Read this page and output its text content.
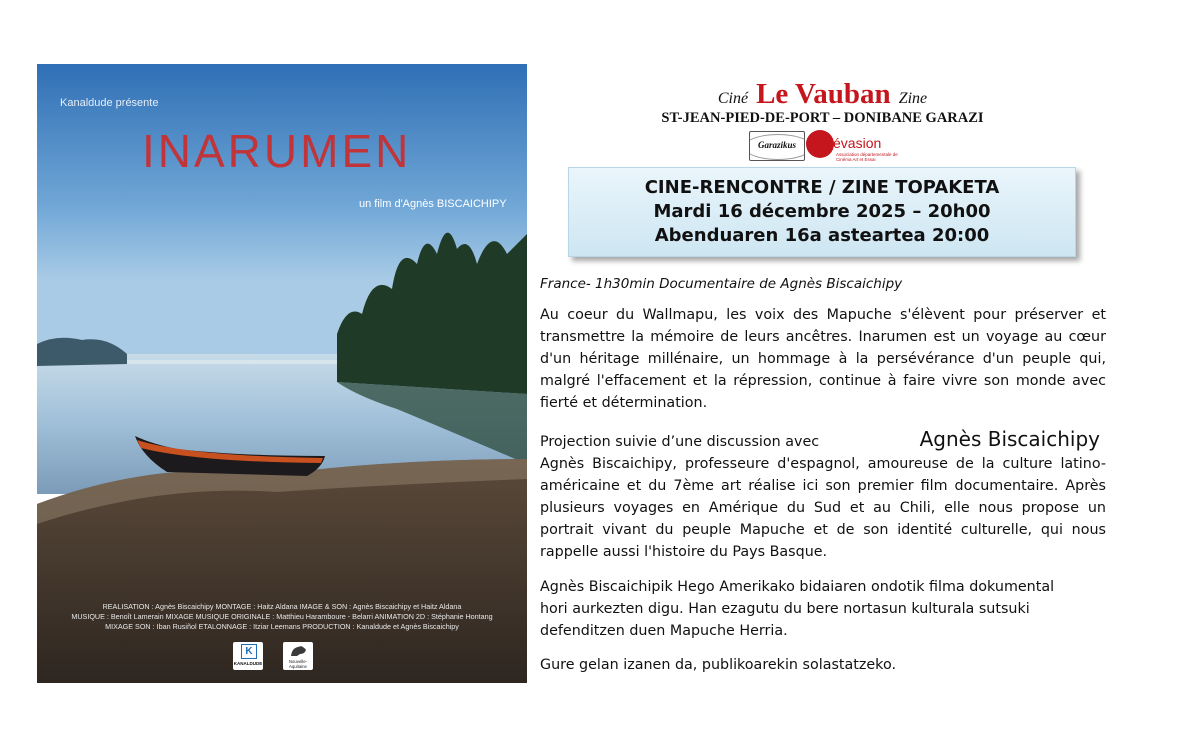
Kanaldude présente
INARUMEN
un film d'Agnès BISCAICHIPY
REALISATION : Agnès Biscaichipy MONTAGE : Haitz Aldana IMAGE & SON : Agnès Biscaichipy et Haitz Aldana
MUSIQUE : Benoît Lamerain MIXAGE MUSIQUE ORIGINALE : Matthieu Haramboure - Belarri ANIMATION 2D : Stéphanie Hontang
MIXAGE SON : Iban Rusiñol ETALONNAGE : Itziar Leemans PRODUCTION : Kanaldude et Agnès Biscaichipy
K
KANALDUDE	Nouvelle-Aquitaine
Ciné Le Vauban Zine
ST-JEAN-PIED-DE-PORT – DONIBANE GARAZI
Garazikus	Cinévasion
Association départementale de Cinéma Art et Essai
CINE-RENCONTRE / ZINE TOPAKETA
Mardi 16 décembre 2025 – 20h00
Abenduaren 16a asteartea 20:00
France- 1h30min Documentaire de Agnès Biscaichipy

Au coeur du Wallmapu, les voix des Mapuche s'élèvent pour préserver et transmettre la mémoire de leurs ancêtres. Inarumen est un voyage au cœur d'un héritage millénaire, un hommage à la persévérance d'un peuple qui, malgré l'effacement et la répression, continue à faire vivre son monde avec fierté et détermination.

Projection suivie d’une discussion avec	Agnès Biscaichipy
Agnès Biscaichipy, professeure d'espagnol, amoureuse de la culture latino-américaine et du 7ème art réalise ici son premier film documentaire. Après plusieurs voyages en Amérique du Sud et au Chili, elle nous propose un portrait vivant du peuple Mapuche et de son identité culturelle, qui nous rappelle aussi l'histoire du Pays Basque.
Agnès Biscaichipik Hego Amerikako bidaiaren ondotik filma dokumental
hori aurkezten digu. Han ezagutu du bere nortasun kulturala sutsuki
defenditzen duen Mapuche Herria.
Gure gelan izanen da, publikoarekin solastatzeko.
